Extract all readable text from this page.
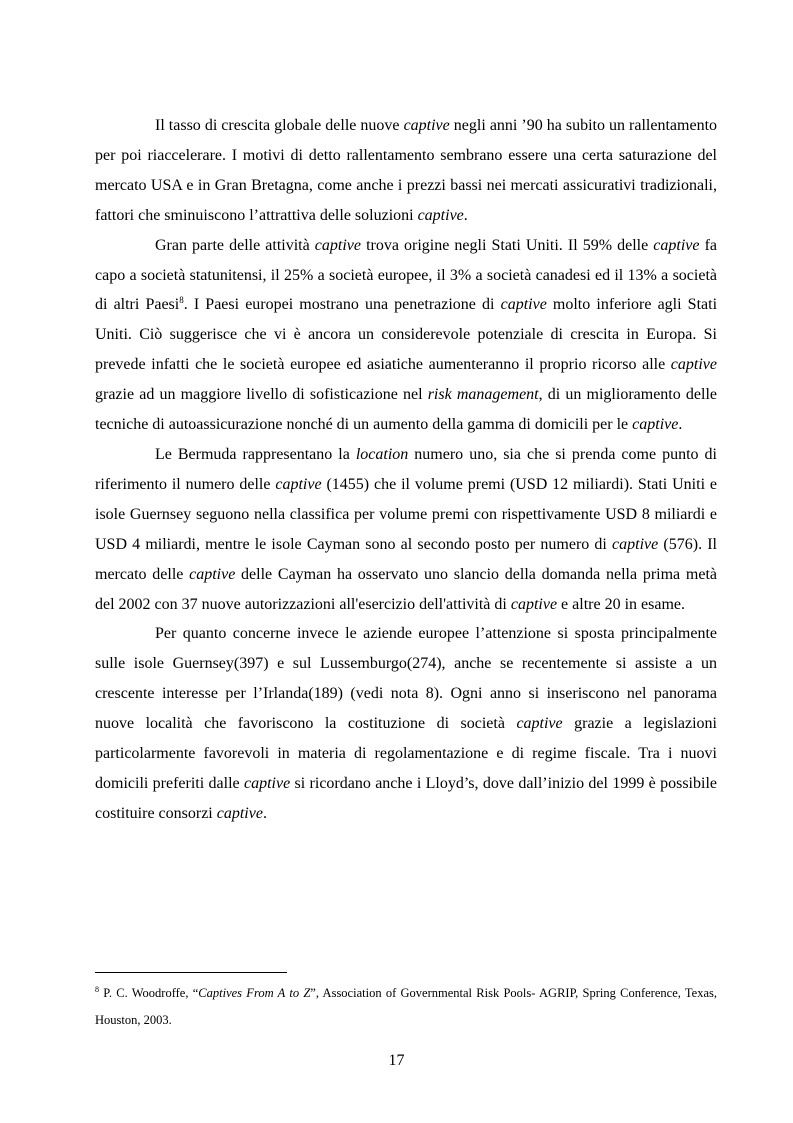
Il tasso di crescita globale delle nuove captive negli anni ’90 ha subito un rallentamento per poi riaccelerare. I motivi di detto rallentamento sembrano essere una certa saturazione del mercato USA e in Gran Bretagna, come anche i prezzi bassi nei mercati assicurativi tradizionali, fattori che sminuiscono l’attrattiva delle soluzioni captive.

Gran parte delle attività captive trova origine negli Stati Uniti. Il 59% delle captive fa capo a società statunitensi, il 25% a società europee, il 3% a società canadesi ed il 13% a società di altri Paesi$^8$. I Paesi europei mostrano una penetrazione di captive molto inferiore agli Stati Uniti. Ciò suggerisce che vi è ancora un considerevole potenziale di crescita in Europa. Si prevede infatti che le società europee ed asiatiche aumenteranno il proprio ricorso alle captive grazie ad un maggiore livello di sofisticazione nel risk management, di un miglioramento delle tecniche di autoassicurazione nonché di un aumento della gamma di domicili per le captive.

Le Bermuda rappresentano la location numero uno, sia che si prenda come punto di riferimento il numero delle captive (1455) che il volume premi (USD 12 miliardi). Stati Uniti e isole Guernsey seguono nella classifica per volume premi con rispettivamente USD 8 miliardi e USD 4 miliardi, mentre le isole Cayman sono al secondo posto per numero di captive (576). Il mercato delle captive delle Cayman ha osservato uno slancio della domanda nella prima metà del 2002 con 37 nuove autorizzazioni all'esercizio dell'attività di captive e altre 20 in esame.

Per quanto concerne invece le aziende europee l’attenzione si sposta principalmente sulle isole Guernsey(397) e sul Lussemburgo(274), anche se recentemente si assiste a un crescente interesse per l’Irlanda(189) (vedi nota 8). Ogni anno si inseriscono nel panorama nuove località che favoriscono la costituzione di società captive grazie a legislazioni particolarmente favorevoli in materia di regolamentazione e di regime fiscale. Tra i nuovi domicili preferiti dalle captive si ricordano anche i Lloyd’s, dove dall’inizio del 1999 è possibile costituire consorzi captive.

$^8$ P. C. Woodroffe, “Captives From A to Z”, Association of Governmental Risk Pools- AGRIP, Spring Conference, Texas, Houston, 2003.
17
